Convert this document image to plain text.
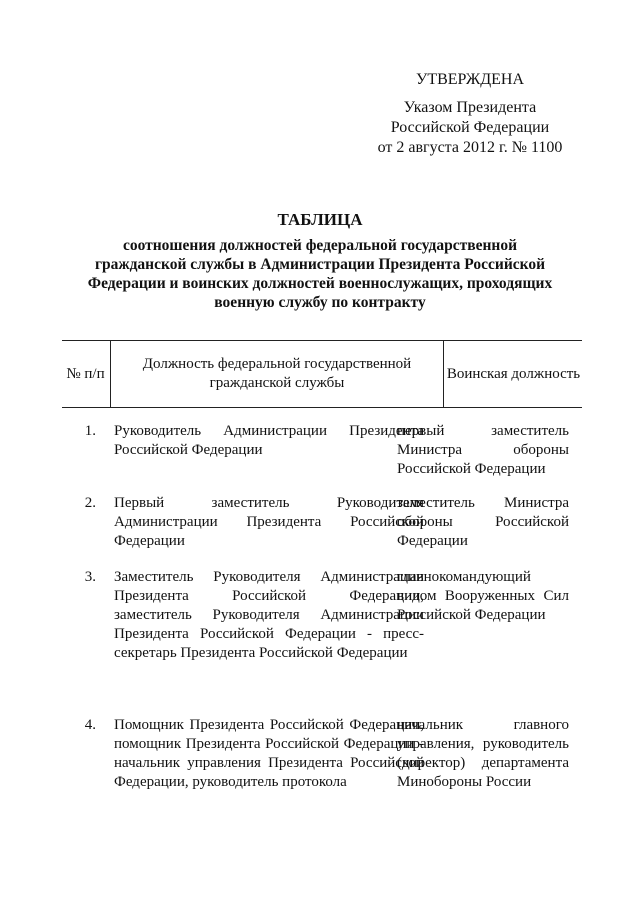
УТВЕРЖДЕНА
Указом Президента
Российской Федерации
от 2 августа 2012 г. № 1100
ТАБЛИЦА
соотношения должностей федеральной государственной гражданской службы в Администрации Президента Российской Федерации и воинских должностей военнослужащих, проходящих военную службу по контракту
№ п/п
Должность федеральной государственной гражданской службы
Воинская должность
1. Руководитель Администрации Президента Российской Федерации
первый заместитель Министра обороны Российской Федерации
2. Первый заместитель Руководителя Администрации Президента Российской Федерации
заместитель Министра обороны Российской Федерации
3. Заместитель Руководителя Администрации Президента Российской Федерации, заместитель Руководителя Администрации Президента Российской Федерации - пресс-секретарь Президента Российской Федерации
главнокомандующий видом Вооруженных Сил Российской Федерации
4. Помощник Президента Российской Федерации, помощник Президента Российской Федерации - начальник управления Президента Российской Федерации, руководитель протокола
начальник главного управления, руководитель (директор) департамента Минобороны России
